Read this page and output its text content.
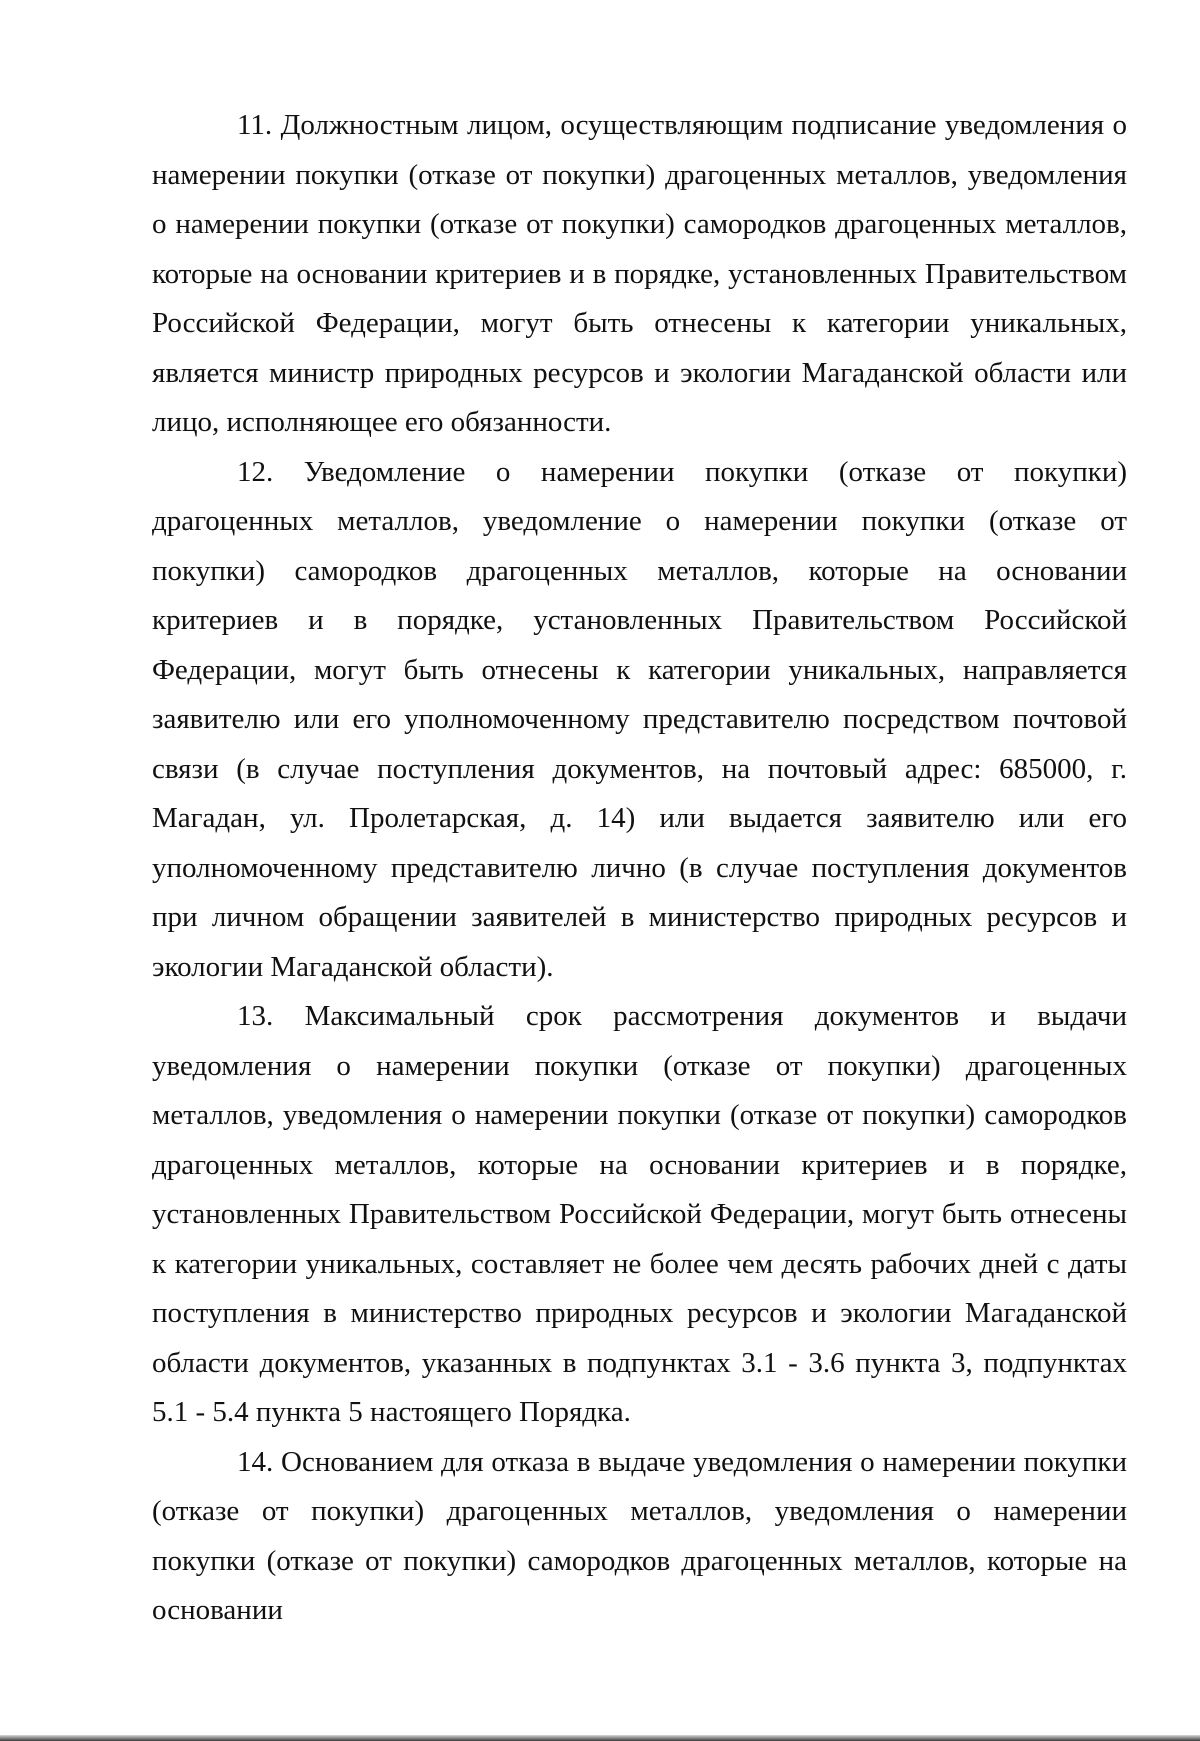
11. Должностным лицом, осуществляющим подписание уведомления о намерении покупки (отказе от покупки) драгоценных металлов, уведомления о намерении покупки (отказе от покупки) самородков драгоценных металлов, которые на основании критериев и в порядке, установленных Правительством Российской Федерации, могут быть отнесены к категории уникальных, является министр природных ресурсов и экологии Магаданской области или лицо, исполняющее его обязанности.

12. Уведомление о намерении покупки (отказе от покупки) драгоценных металлов, уведомление о намерении покупки (отказе от покупки) самородков драгоценных металлов, которые на основании критериев и в порядке, установленных Правительством Российской Федерации, могут быть отнесены к категории уникальных, направляется заявителю или его уполномоченному представителю посредством почтовой связи (в случае поступления документов, на почтовый адрес: 685000, г. Магадан, ул. Пролетарская, д. 14) или выдается заявителю или его уполномоченному представителю лично (в случае поступления документов при личном обращении заявителей в министерство природных ресурсов и экологии Магаданской области).

13. Максимальный срок рассмотрения документов и выдачи уведомления о намерении покупки (отказе от покупки) драгоценных металлов, уведомления о намерении покупки (отказе от покупки) самородков драгоценных металлов, которые на основании критериев и в порядке, установленных Правительством Российской Федерации, могут быть отнесены к категории уникальных, составляет не более чем десять рабочих дней с даты поступления в министерство природных ресурсов и экологии Магаданской области документов, указанных в подпунктах 3.1 - 3.6 пункта 3, подпунктах 5.1 - 5.4 пункта 5 настоящего Порядка.

14. Основанием для отказа в выдаче уведомления о намерении покупки (отказе от покупки) драгоценных металлов, уведомления о намерении покупки (отказе от покупки) самородков драгоценных металлов, которые на основании
